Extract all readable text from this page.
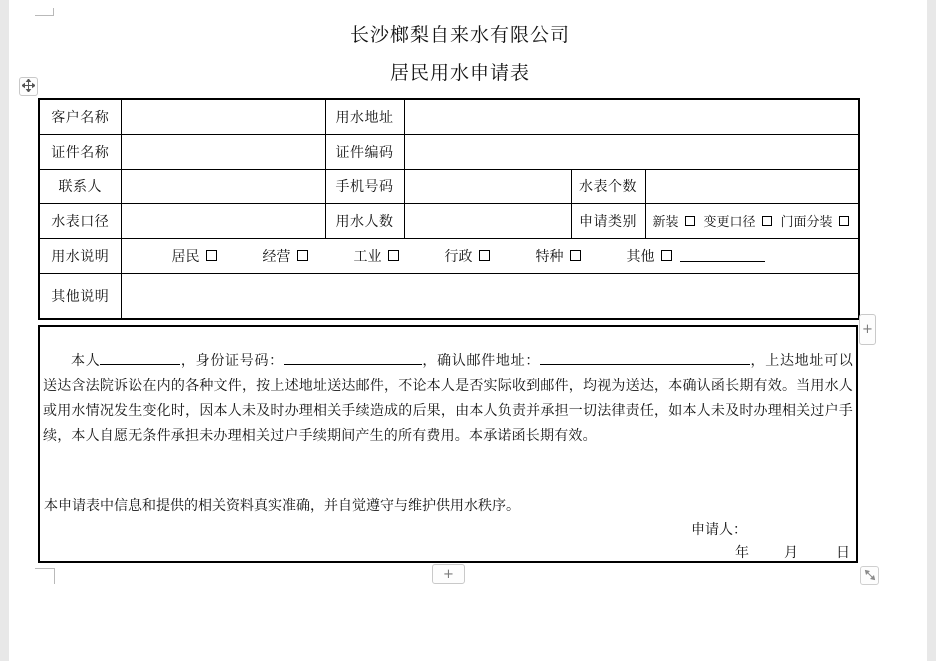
长沙榔梨自来水有限公司
居民用水申请表
客户名称		用水地址			
证件名称		证件编码			
联系人		手机号码		水表个数	
水表口径		用水人数		申请类别	新装 变更口径 门面分装

用水说明	居民	经营	工业	行政	特种	其他

其他说明					
本人	，身份证号码：	，确认邮件地址：	，上达地址可以送达含法院诉讼在内的各种文件，按上述地址送达邮件，不论本人是否实际收到邮件，均视为送达，本确认函长期有效。当用水人或用水情况发生变化时，因本人未及时办理相关手续造成的后果，由本人负责并承担一切法律责任，如本人未及时办理相关过户手续，本人自愿无条件承担未办理相关过户手续期间产生的所有费用。本承诺函长期有效。
本申请表中信息和提供的相关资料真实准确，并自觉遵守与维护供用水秩序。
申请人：
年	月	日
+
+
